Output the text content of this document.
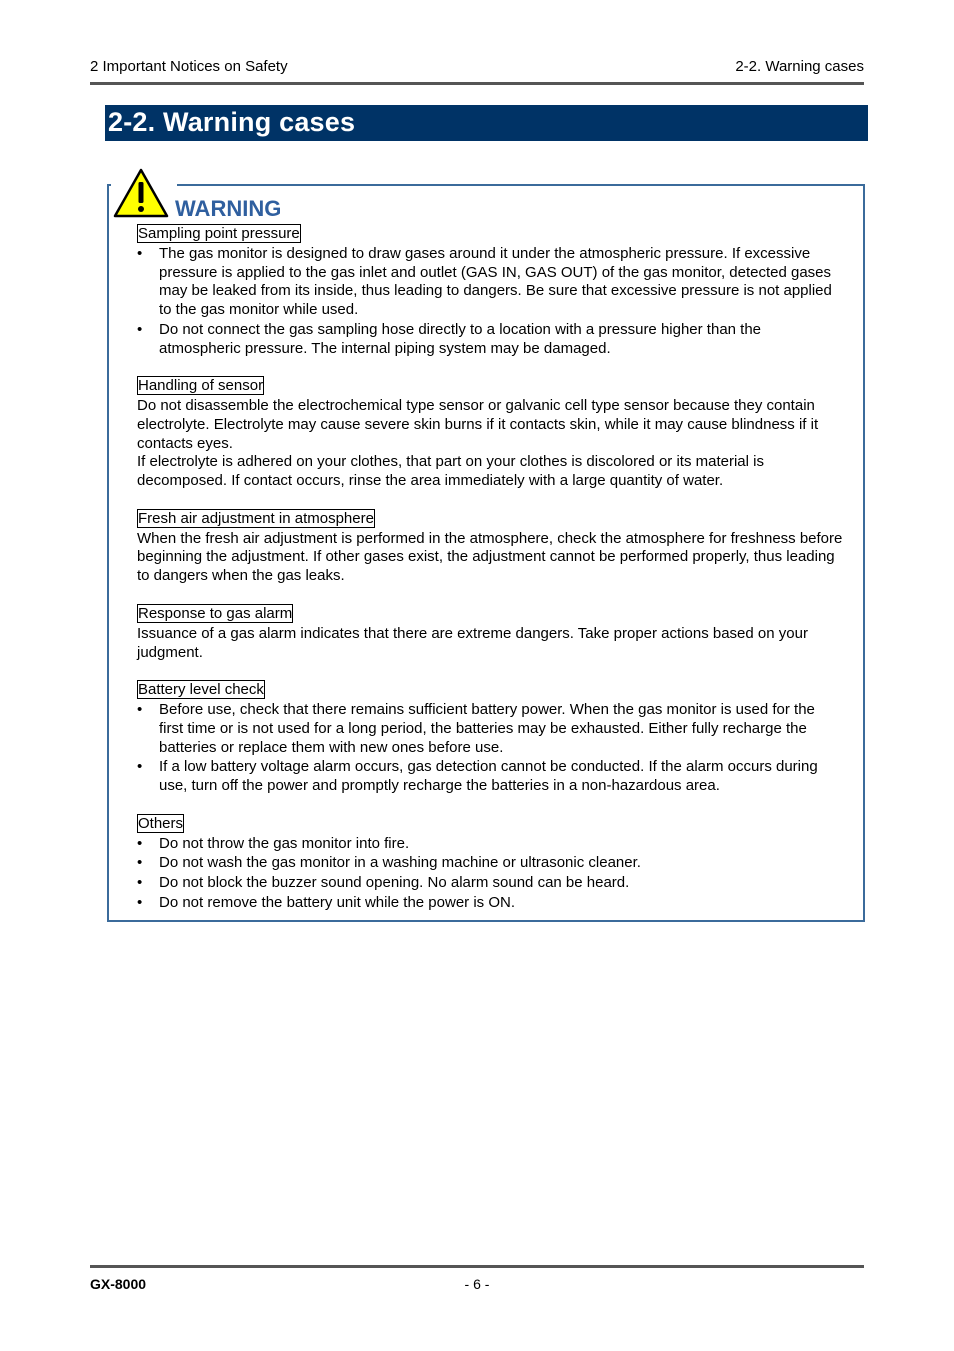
2 Important Notices on Safety	2-2. Warning cases
2-2. Warning cases
WARNING
Sampling point pressure
• The gas monitor is designed to draw gases around it under the atmospheric pressure. If excessive pressure is applied to the gas inlet and outlet (GAS IN, GAS OUT) of the gas monitor, detected gases may be leaked from its inside, thus leading to dangers. Be sure that excessive pressure is not applied to the gas monitor while used.
• Do not connect the gas sampling hose directly to a location with a pressure higher than the atmospheric pressure. The internal piping system may be damaged.
Handling of sensor

Do not disassemble the electrochemical type sensor or galvanic cell type sensor because they contain electrolyte. Electrolyte may cause severe skin burns if it contacts skin, while it may cause blindness if it contacts eyes.

If electrolyte is adhered on your clothes, that part on your clothes is discolored or its material is decomposed. If contact occurs, rinse the area immediately with a large quantity of water.

Fresh air adjustment in atmosphere

When the fresh air adjustment is performed in the atmosphere, check the atmosphere for freshness before beginning the adjustment. If other gases exist, the adjustment cannot be performed properly, thus leading to dangers when the gas leaks.

Response to gas alarm

Issuance of a gas alarm indicates that there are extreme dangers. Take proper actions based on your judgment.

Battery level check
• Before use, check that there remains sufficient battery power. When the gas monitor is used for the first time or is not used for a long period, the batteries may be exhausted. Either fully recharge the batteries or replace them with new ones before use.
• If a low battery voltage alarm occurs, gas detection cannot be conducted. If the alarm occurs during use, turn off the power and promptly recharge the batteries in a non-hazardous area.
Others
• Do not throw the gas monitor into fire.
• Do not wash the gas monitor in a washing machine or ultrasonic cleaner.
• Do not block the buzzer sound opening. No alarm sound can be heard.
• Do not remove the battery unit while the power is ON.
GX-8000	- 6 -
